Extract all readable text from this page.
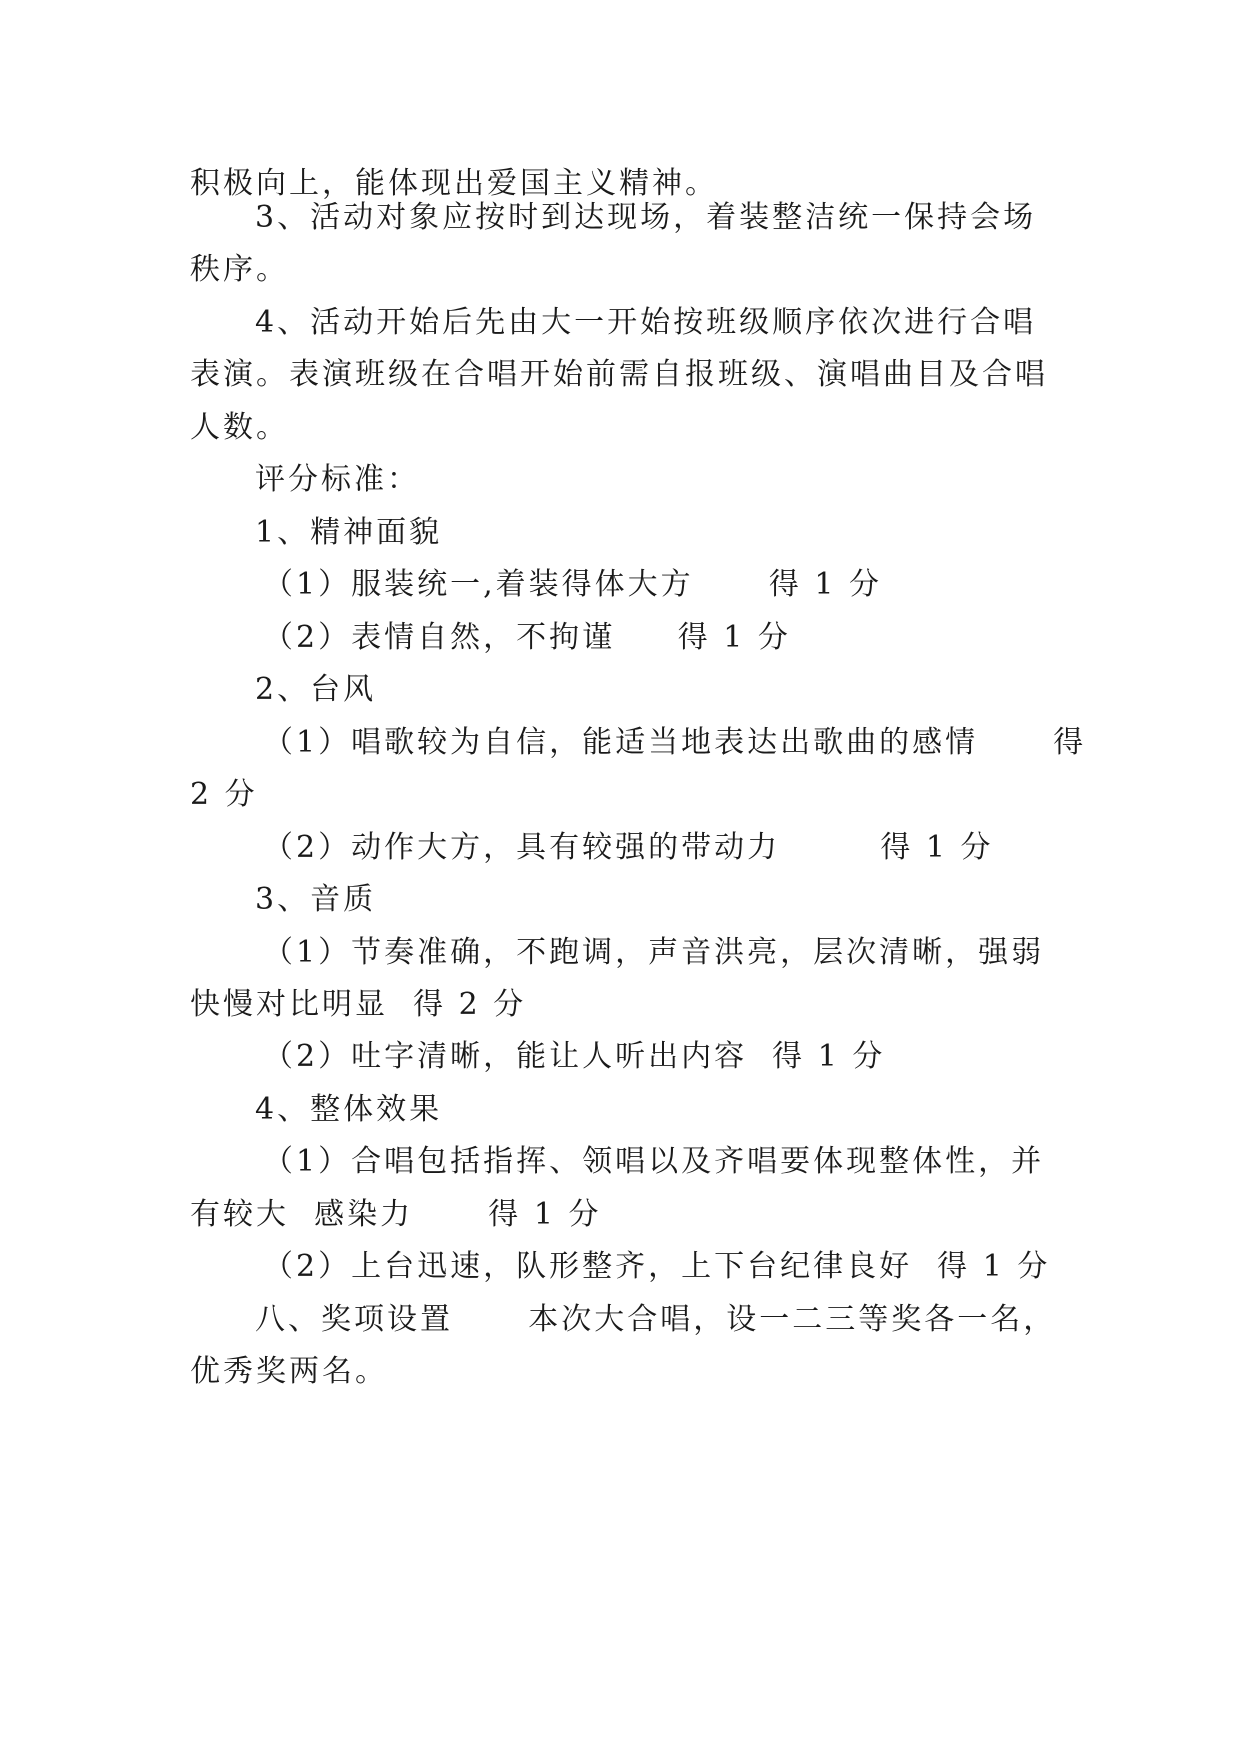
积极向上，能体现出爱国主义精神。
3、活动对象应按时到达现场，着装整洁统一保持会场
秩序。
4、活动开始后先由大一开始按班级顺序依次进行合唱
表演。表演班级在合唱开始前需自报班级、演唱曲目及合唱
人数。
评分标准：
1、精神面貌
（1）服装统一,着装得体大方      得 1 分
（2）表情自然，不拘谨     得 1 分
2、台风
（1）唱歌较为自信，能适当地表达出歌曲的感情      得
2 分
（2）动作大方，具有较强的带动力        得 1 分
3、音质
（1）节奏准确，不跑调，声音洪亮，层次清晰，强弱
快慢对比明显  得 2 分
（2）吐字清晰，能让人听出内容  得 1 分
4、整体效果
（1）合唱包括指挥、领唱以及齐唱要体现整体性，并
有较大  感染力      得 1 分
（2）上台迅速，队形整齐，上下台纪律良好  得 1 分
八、奖项设置      本次大合唱，设一二三等奖各一名，
优秀奖两名。
